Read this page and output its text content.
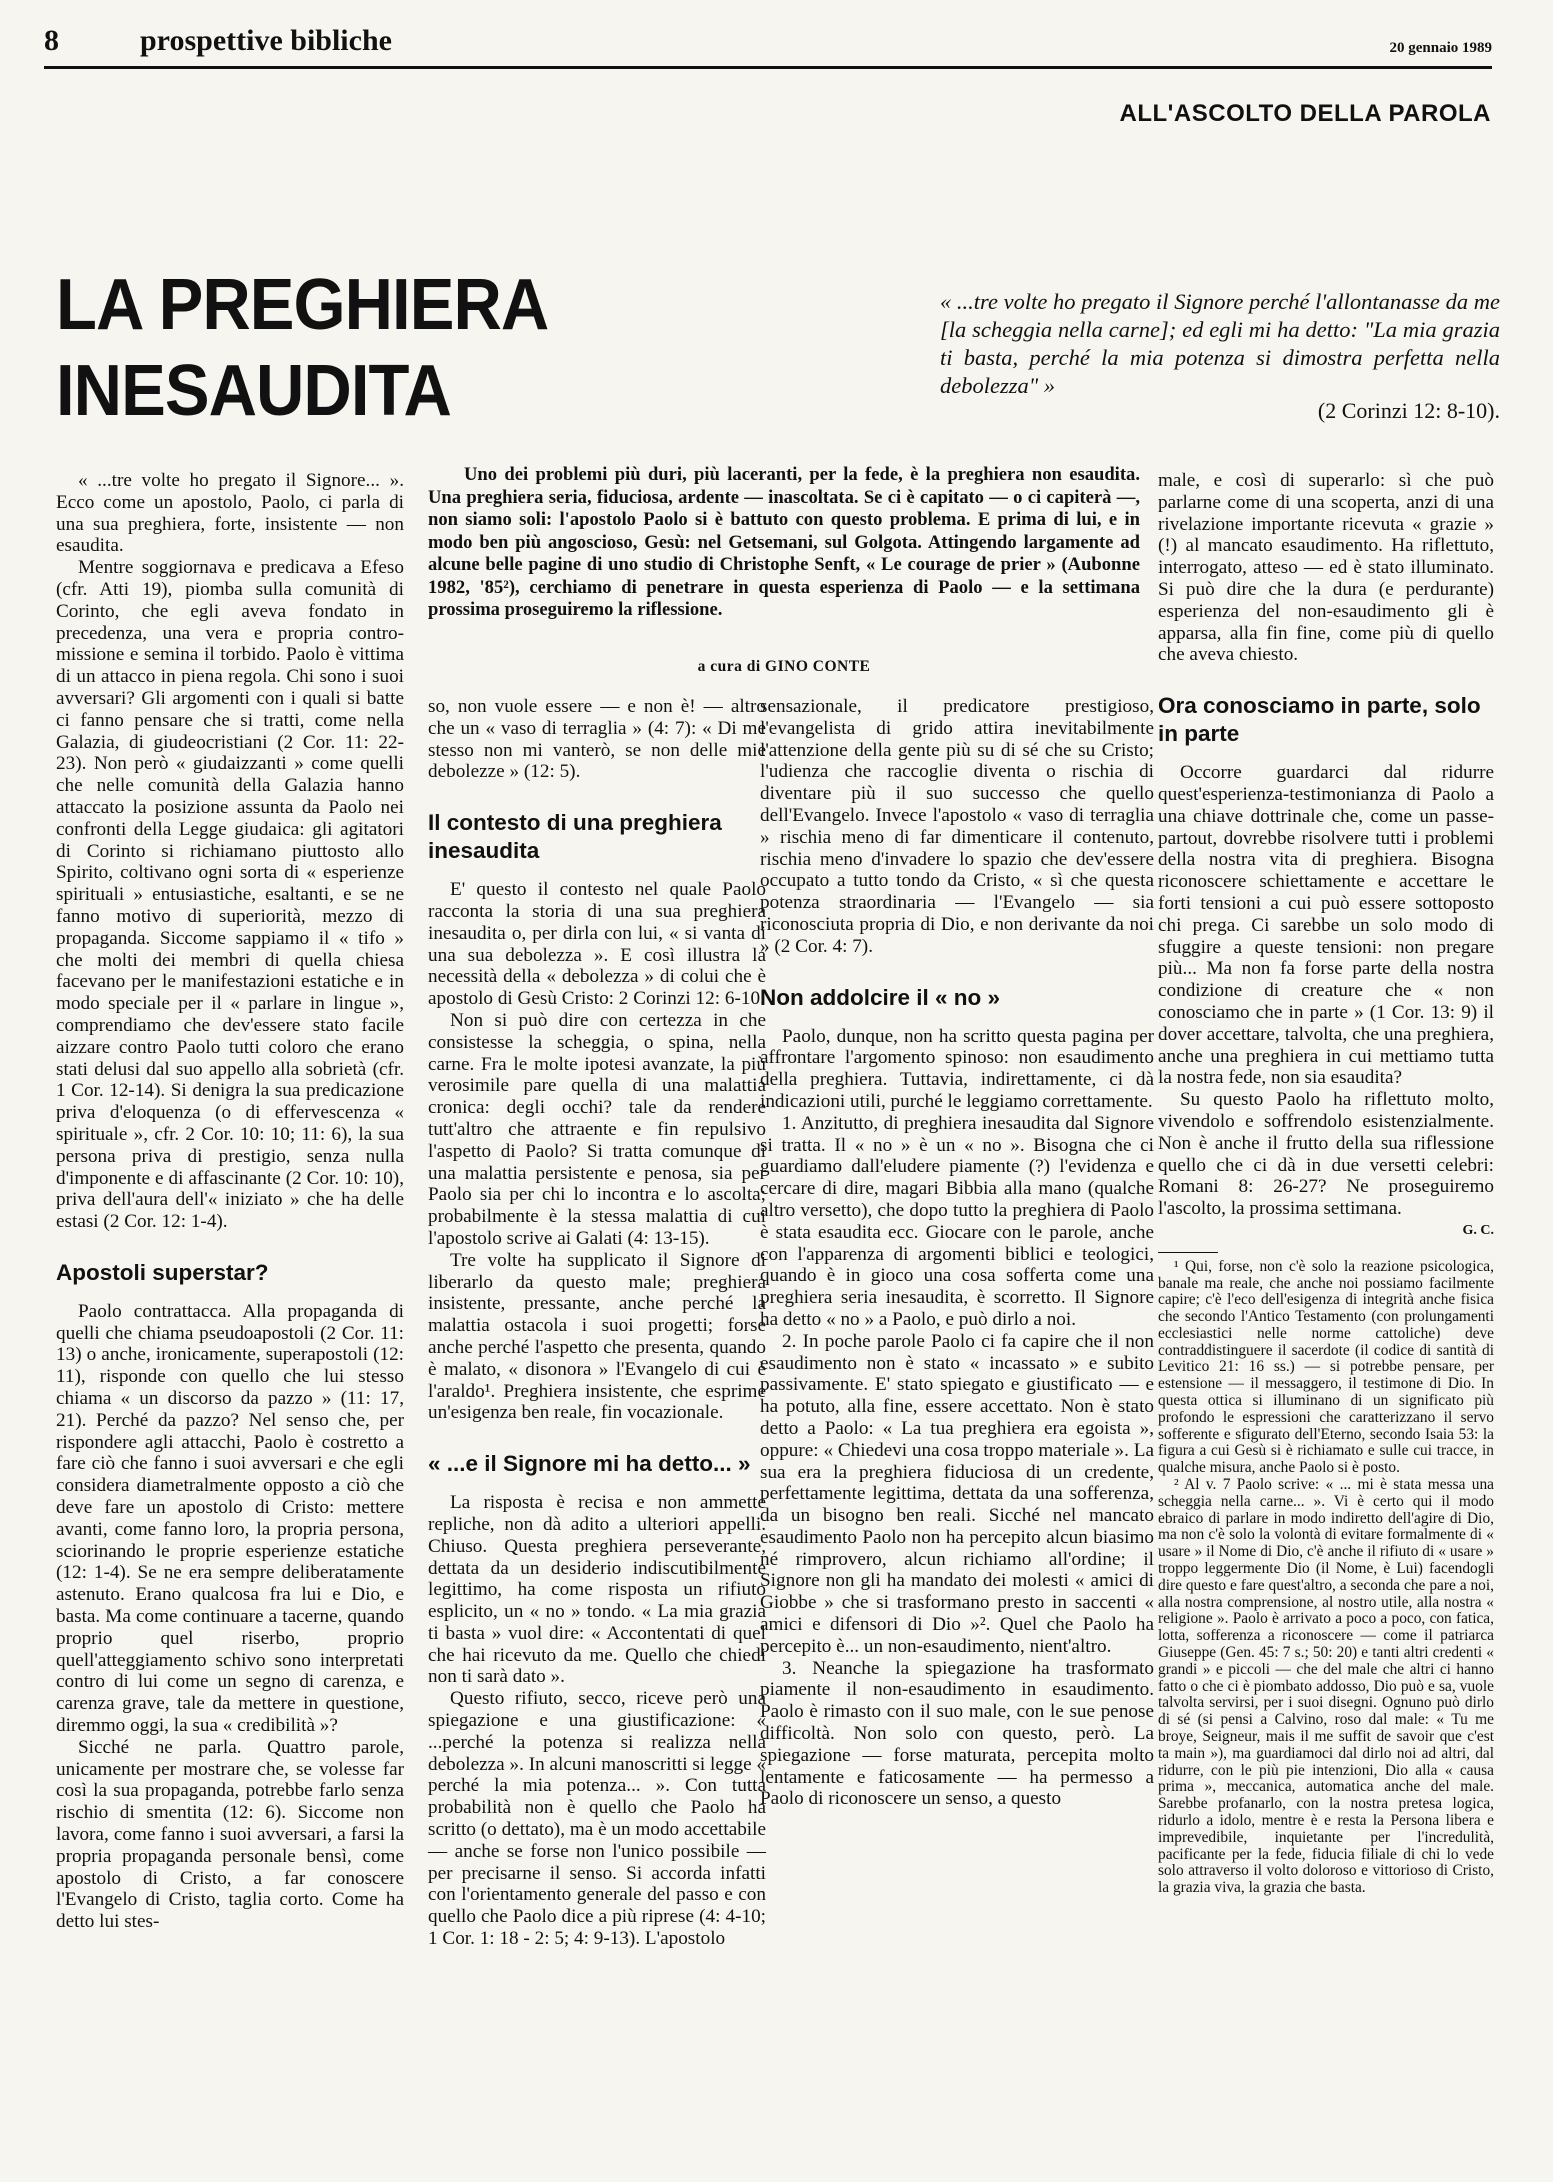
8	prospettive bibliche	20 gennaio 1989
ALL'ASCOLTO DELLA PAROLA
LA PREGHIERA INESAUDITA
« ...tre volte ho pregato il Signore perché l'allontanasse da me [la scheggia nella carne]; ed egli mi ha detto: "La mia grazia ti basta, perché la mia potenza si dimostra perfetta nella debolezza" »
(2 Corinzi 12: 8-10).

« ...tre volte ho pregato il Signore... ». Ecco come un apostolo, Paolo, ci parla di una sua preghiera, forte, insistente — non esaudita.

Mentre soggiornava e predicava a Efeso (cfr. Atti 19), piomba sulla comunità di Corinto, che egli aveva fondato in precedenza, una vera e propria contro-missione e semina il torbido. Paolo è vittima di un attacco in piena regola. Chi sono i suoi avversari? Gli argomenti con i quali si batte ci fanno pensare che si tratti, come nella Galazia, di giudeocristiani (2 Cor. 11: 22-23). Non però « giudaizzanti » come quelli che nelle comunità della Galazia hanno attaccato la posizione assunta da Paolo nei confronti della Legge giudaica: gli agitatori di Corinto si richiamano piuttosto allo Spirito, coltivano ogni sorta di « esperienze spirituali » entusiastiche, esaltanti, e se ne fanno motivo di superiorità, mezzo di propaganda. Siccome sappiamo il « tifo » che molti dei membri di quella chiesa facevano per le manifestazioni estatiche e in modo speciale per il « parlare in lingue », comprendiamo che dev'essere stato facile aizzare contro Paolo tutti coloro che erano stati delusi dal suo appello alla sobrietà (cfr. 1 Cor. 12-14). Si denigra la sua predicazione priva d'eloquenza (o di effervescenza « spirituale », cfr. 2 Cor. 10: 10; 11: 6), la sua persona priva di prestigio, senza nulla d'imponente e di affascinante (2 Cor. 10: 10), priva dell'aura dell'« iniziato » che ha delle estasi (2 Cor. 12: 1-4).

Apostoli superstar?

Paolo contrattacca. Alla propaganda di quelli che chiama pseudoapostoli (2 Cor. 11: 13) o anche, ironicamente, superapostoli (12: 11), risponde con quello che lui stesso chiama « un discorso da pazzo » (11: 17, 21). Perché da pazzo? Nel senso che, per rispondere agli attacchi, Paolo è costretto a fare ciò che fanno i suoi avversari e che egli considera diametralmente opposto a ciò che deve fare un apostolo di Cristo: mettere avanti, come fanno loro, la propria persona, sciorinando le proprie esperienze estatiche (12: 1-4). Se ne era sempre deliberatamente astenuto. Erano qualcosa fra lui e Dio, e basta. Ma come continuare a tacerne, quando proprio quel riserbo, proprio quell'atteggiamento schivo sono interpretati contro di lui come un segno di carenza, e carenza grave, tale da mettere in questione, diremmo oggi, la sua « credibilità »?

Sicché ne parla. Quattro parole, unicamente per mostrare che, se volesse far così la sua propaganda, potrebbe farlo senza rischio di smentita (12: 6). Siccome non lavora, come fanno i suoi avversari, a farsi la propria propaganda personale bensì, come apostolo di Cristo, a far conoscere l'Evangelo di Cristo, taglia corto. Come ha detto lui stes-

Uno dei problemi più duri, più laceranti, per la fede, è la preghiera non esaudita. Una preghiera seria, fiduciosa, ardente — inascoltata. Se ci è capitato — o ci capiterà —, non siamo soli: l'apostolo Paolo si è battuto con questo problema. E prima di lui, e in modo ben più angoscioso, Gesù: nel Getsemani, sul Golgota. Attingendo largamente ad alcune belle pagine di uno studio di Christophe Senft, « Le courage de prier » (Aubonne 1982, '85²), cerchiamo di penetrare in questa esperienza di Paolo — e la settimana prossima proseguiremo la riflessione.
a cura di GINO CONTE

so, non vuole essere — e non è! — altro che un « vaso di terraglia » (4: 7): « Di me stesso non mi vanterò, se non delle mie debolezze » (12: 5).

Il contesto di una preghiera inesaudita

E' questo il contesto nel quale Paolo racconta la storia di una sua preghiera inesaudita o, per dirla con lui, « si vanta di una sua debolezza ». E così illustra la necessità della « debolezza » di colui che è apostolo di Gesù Cristo: 2 Corinzi 12: 6-10.

Non si può dire con certezza in che consistesse la scheggia, o spina, nella carne. Fra le molte ipotesi avanzate, la più verosimile pare quella di una malattia cronica: degli occhi? tale da rendere tutt'altro che attraente e fin repulsivo l'aspetto di Paolo? Si tratta comunque di una malattia persistente e penosa, sia per Paolo sia per chi lo incontra e lo ascolta; probabilmente è la stessa malattia di cui l'apostolo scrive ai Galati (4: 13-15).

Tre volte ha supplicato il Signore di liberarlo da questo male; preghiera insistente, pressante, anche perché la malattia ostacola i suoi progetti; forse anche perché l'aspetto che presenta, quando è malato, « disonora » l'Evangelo di cui è l'araldo¹. Preghiera insistente, che esprime un'esigenza ben reale, fin vocazionale.

« ...e il Signore mi ha detto... »

La risposta è recisa e non ammette repliche, non dà adito a ulteriori appelli. Chiuso. Questa preghiera perseverante, dettata da un desiderio indiscutibilmente legittimo, ha come risposta un rifiuto esplicito, un « no » tondo. « La mia grazia ti basta » vuol dire: « Accontentati di quel che hai ricevuto da me. Quello che chiedi non ti sarà dato ».

Questo rifiuto, secco, riceve però una spiegazione e una giustificazione: « ...perché la potenza si realizza nella debolezza ». In alcuni manoscritti si legge « perché la mia potenza... ». Con tutta probabilità non è quello che Paolo ha scritto (o dettato), ma è un modo accettabile — anche se forse non l'unico possibile — per precisarne il senso. Si accorda infatti con l'orientamento generale del passo e con quello che Paolo dice a più riprese (4: 4-10; 1 Cor. 1: 18 - 2: 5; 4: 9-13). L'apostolo

sensazionale, il predicatore prestigioso, l'evangelista di grido attira inevitabilmente l'attenzione della gente più su di sé che su Cristo; l'udienza che raccoglie diventa o rischia di diventare più il suo successo che quello dell'Evangelo. Invece l'apostolo « vaso di terraglia » rischia meno di far dimenticare il contenuto, rischia meno d'invadere lo spazio che dev'essere occupato a tutto tondo da Cristo, « sì che questa potenza straordinaria — l'Evangelo — sia riconosciuta propria di Dio, e non derivante da noi » (2 Cor. 4: 7).

Non addolcire il « no »

Paolo, dunque, non ha scritto questa pagina per affrontare l'argomento spinoso: non esaudimento della preghiera. Tuttavia, indirettamente, ci dà indicazioni utili, purché le leggiamo correttamente.

1. Anzitutto, di preghiera inesaudita dal Signore si tratta. Il « no » è un « no ». Bisogna che ci guardiamo dall'eludere piamente (?) l'evidenza e cercare di dire, magari Bibbia alla mano (qualche altro versetto), che dopo tutto la preghiera di Paolo è stata esaudita ecc. Giocare con le parole, anche con l'apparenza di argomenti biblici e teologici, quando è in gioco una cosa sofferta come una preghiera seria inesaudita, è scorretto. Il Signore ha detto « no » a Paolo, e può dirlo a noi.

2. In poche parole Paolo ci fa capire che il non esaudimento non è stato « incassato » e subito passivamente. E' stato spiegato e giustificato — e ha potuto, alla fine, essere accettato. Non è stato detto a Paolo: « La tua preghiera era egoista », oppure: « Chiedevi una cosa troppo materiale ». La sua era la preghiera fiduciosa di un credente, perfettamente legittima, dettata da una sofferenza, da un bisogno ben reali. Sicché nel mancato esaudimento Paolo non ha percepito alcun biasimo né rimprovero, alcun richiamo all'ordine; il Signore non gli ha mandato dei molesti « amici di Giobbe » che si trasformano presto in saccenti « amici e difensori di Dio »². Quel che Paolo ha percepito è... un non-esaudimento, nient'altro.

3. Neanche la spiegazione ha trasformato piamente il non-esaudimento in esaudimento. Paolo è rimasto con il suo male, con le sue penose difficoltà. Non solo con questo, però. La spiegazione — forse maturata, percepita molto lentamente e faticosamente — ha permesso a Paolo di riconoscere un senso, a questo

male, e così di superarlo: sì che può parlarne come di una scoperta, anzi di una rivelazione importante ricevuta « grazie » (!) al mancato esaudimento. Ha riflettuto, interrogato, atteso — ed è stato illuminato. Si può dire che la dura (e perdurante) esperienza del non-esaudimento gli è apparsa, alla fin fine, come più di quello che aveva chiesto.

Ora conosciamo in parte, solo in parte

Occorre guardarci dal ridurre quest'esperienza-testimonianza di Paolo a una chiave dottrinale che, come un passe-partout, dovrebbe risolvere tutti i problemi della nostra vita di preghiera. Bisogna riconoscere schiettamente e accettare le forti tensioni a cui può essere sottoposto chi prega. Ci sarebbe un solo modo di sfuggire a queste tensioni: non pregare più... Ma non fa forse parte della nostra condizione di creature che « non conosciamo che in parte » (1 Cor. 13: 9) il dover accettare, talvolta, che una preghiera, anche una preghiera in cui mettiamo tutta la nostra fede, non sia esaudita?

Su questo Paolo ha riflettuto molto, vivendolo e soffrendolo esistenzialmente. Non è anche il frutto della sua riflessione quello che ci dà in due versetti celebri: Romani 8: 26-27? Ne proseguiremo l'ascolto, la prossima settimana.

G. C.

¹ Qui, forse, non c'è solo la reazione psicologica, banale ma reale, che anche noi possiamo facilmente capire; c'è l'eco dell'esigenza di integrità anche fisica che secondo l'Antico Testamento (con prolungamenti ecclesiastici nelle norme cattoliche) deve contraddistinguere il sacerdote (il codice di santità di Levitico 21: 16 ss.) — si potrebbe pensare, per estensione — il messaggero, il testimone di Dio. In questa ottica si illuminano di un significato più profondo le espressioni che caratterizzano il servo sofferente e sfigurato dell'Eterno, secondo Isaia 53: la figura a cui Gesù si è richiamato e sulle cui tracce, in qualche misura, anche Paolo si è posto.

² Al v. 7 Paolo scrive: « ... mi è stata messa una scheggia nella carne... ». Vi è certo qui il modo ebraico di parlare in modo indiretto dell'agire di Dio, ma non c'è solo la volontà di evitare formalmente di « usare » il Nome di Dio, c'è anche il rifiuto di « usare » troppo leggermente Dio (il Nome, è Lui) facendogli dire questo e fare quest'altro, a seconda che pare a noi, alla nostra comprensione, al nostro utile, alla nostra « religione ». Paolo è arrivato a poco a poco, con fatica, lotta, sofferenza a riconoscere — come il patriarca Giuseppe (Gen. 45: 7 s.; 50: 20) e tanti altri credenti « grandi » e piccoli — che del male che altri ci hanno fatto o che ci è piombato addosso, Dio può e sa, vuole talvolta servirsi, per i suoi disegni. Ognuno può dirlo di sé (si pensi a Calvino, roso dal male: « Tu me broye, Seigneur, mais il me suffit de savoir que c'est ta main »), ma guardiamoci dal dirlo noi ad altri, dal ridurre, con le più pie intenzioni, Dio alla « causa prima », meccanica, automatica anche del male. Sarebbe profanarlo, con la nostra pretesa logica, ridurlo a idolo, mentre è e resta la Persona libera e imprevedibile, inquietante per l'incredulità, pacificante per la fede, fiducia filiale di chi lo vede solo attraverso il volto doloroso e vittorioso di Cristo, la grazia viva, la grazia che basta.
